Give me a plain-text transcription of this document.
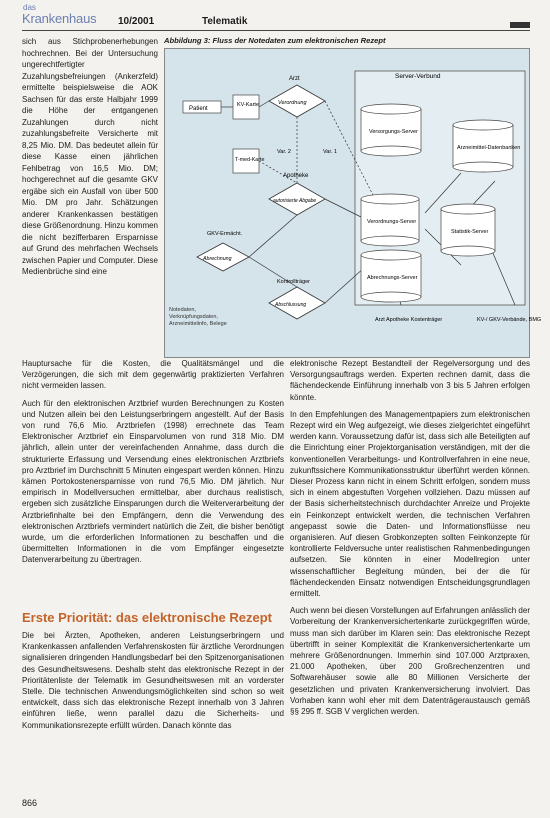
das
Krankenhaus 10/2001	Telematik

sich aus Stichprobenerhebungen hochrechnen. Bei der Untersuchung ungerechtfertigter Zuzahlungsbefreiungen (Ankerzfeld) ermittelte beispielsweise die AOK Sachsen für das erste Halbjahr 1999 die Höhe der entgangenen Zuzahlungen durch nicht zuzahlungsbefreite Versicherte mit 8,25 Mio. DM. Das bedeutet allein für diese Kasse einen jährlichen Fehlbetrag von 16,5 Mio. DM; hochgerechnet auf die gesamte GKV ergäbe sich ein Ausfall von über 500 Mio. DM pro Jahr. Schätzungen anderer Krankenkassen bestätigen diese Größenordnung. Hinzu kommen die nicht bezifferbaren Ersparnisse auf Grund des mehrfachen Wechsels zwischen Papier und Computer. Diese Medienbrüche sind eine

Abbildung 3: Fluss der Notedaten zum elektronischen Rezept
Server-Verbund
Patient
KV-Karte
Arzt
Verordnung
T-med-Karte
Var. 2	Var. 1
Apotheke
autorisierte Abgabe
GKV-Ermächt.
Abrechnung
Kontrollträger
Abschlussung
Versorgungs-Server
Arzneimittel-Datenbanken
Verordnungs-Server
Statistik-Server
Abrechnungs-Server
Arzt Apotheke Kostenträger	KV-/ GKV-Verbände, BMG
Notedaten, Verknüpfungsdaten, Arzneimittelinfo, Belege

Hauptursache für die Kosten, die Qualitätsmängel und die Verzögerungen, die sich mit dem gegenwärtig praktizierten Verfahren nicht vermeiden lassen.

Auch für den elektronischen Arztbrief wurden Berechnungen zu Kosten und Nutzen allein bei den Leistungserbringern angestellt. Auf der Basis von rund 76,6 Mio. Arztbriefen (1998) errechnete das Team Elektronischer Arztbrief ein Einsparvolumen von rund 318 Mio. DM jährlich, allein unter der vereinfachenden Annahme, dass durch die strukturierte Erfassung und Versendung eines elektronischen Arztbriefs pro Arztbrief im Durchschnitt 5 Minuten eingespart werden können. Hinzu kämen Portokostenersparnisse von rund 76,5 Mio. DM jährlich. Nur empirisch in Modellversuchen ermittelbar, aber durchaus realistisch, ergeben sich zusätzliche Einsparungen durch die Weiterverarbeitung der Arztbriefinhalte bei den Empfängern, denn die Verwendung des elektronischen Arztbriefs vermindert natürlich die Zeit, die bisher benötigt wurde, um die erforderlichen Informationen zu beschaffen und die übermittelten Informationen in die vom Empfänger eingesetzte Datenverarbeitung zu übertragen.

Erste Priorität: das elektronische Rezept

Die bei Ärzten, Apotheken, anderen Leistungserbringern und Krankenkassen anfallenden Verfahrenskosten für ärztliche Verordnungen signalisieren dringenden Handlungsbedarf bei den Spitzenorganisationen des Gesundheitswesens. Deshalb steht das elektronische Rezept in der Prioritätenliste der Telematik im Gesundheitswesen mit an vorderster Stelle. Die technischen Anwendungsmöglichkeiten sind schon so weit entwickelt, dass sich das elektronische Rezept innerhalb von 3 Jahren einführen ließe, wenn parallel dazu die Sicherheits- und Kommunikationsrezepte erfüllt würden. Danach könnte das

elektronische Rezept Bestandteil der Regelversorgung und des Versorgungsauftrags werden. Experten rechnen damit, dass die flächendeckende Einführung innerhalb von 3 bis 5 Jahren erfolgen könnte.

In den Empfehlungen des Managementpapiers zum elektronischen Rezept wird ein Weg aufgezeigt, wie dieses zielgerichtet eingeführt werden kann. Voraussetzung dafür ist, dass sich alle Beteiligten auf die Einrichtung einer Projektorganisation verständigen, mit der die konventionellen Verarbeitungs- und Kontrollverfahren in eine neue, zukunftssichere Kommunikationsstruktur überführt werden können. Dieser Prozess kann nicht in einem Schritt erfolgen, sondern muss sich in einem abgestuften Vorgehen vollziehen. Dazu müssen auf der Basis sicherheitstechnisch durchdachter Anreize und Projekte ein Feinkonzept entwickelt werden, die technischen Verfahren angepasst sowie die Daten- und Informationsflüsse neu organisieren. Auf diesen Grobkonzepten sollten Feinkonzepte für kontrollierte Feldversuche unter realistischen Rahmenbedingungen aufsetzen. Sie könnten in einer Modellregion unter wissenschaftlicher Begleitung münden, bei der die für flächendeckenden Einsatz notwendigen Entscheidungsgrundlagen ermittelt.

Auch wenn bei diesen Vorstellungen auf Erfahrungen anlässlich der Vorbereitung der Krankenversichertenkarte zurückgegriffen würde, muss man sich darüber im Klaren sein: Das elektronische Rezept übertrifft in seiner Komplexität die Krankenversichertenkarte um mehrere Größenordnungen. Immerhin sind 107.000 Arztpraxen, 21.000 Apotheken, über 200 Großrechenzentren und Softwarehäuser sowie alle 80 Millionen Versicherte der gesetzlichen und privaten Krankenversicherung involviert. Das Vorhaben kann wohl eher mit dem Datenträgeraustausch gemäß §§ 295 ff. SGB V verglichen werden.

866
